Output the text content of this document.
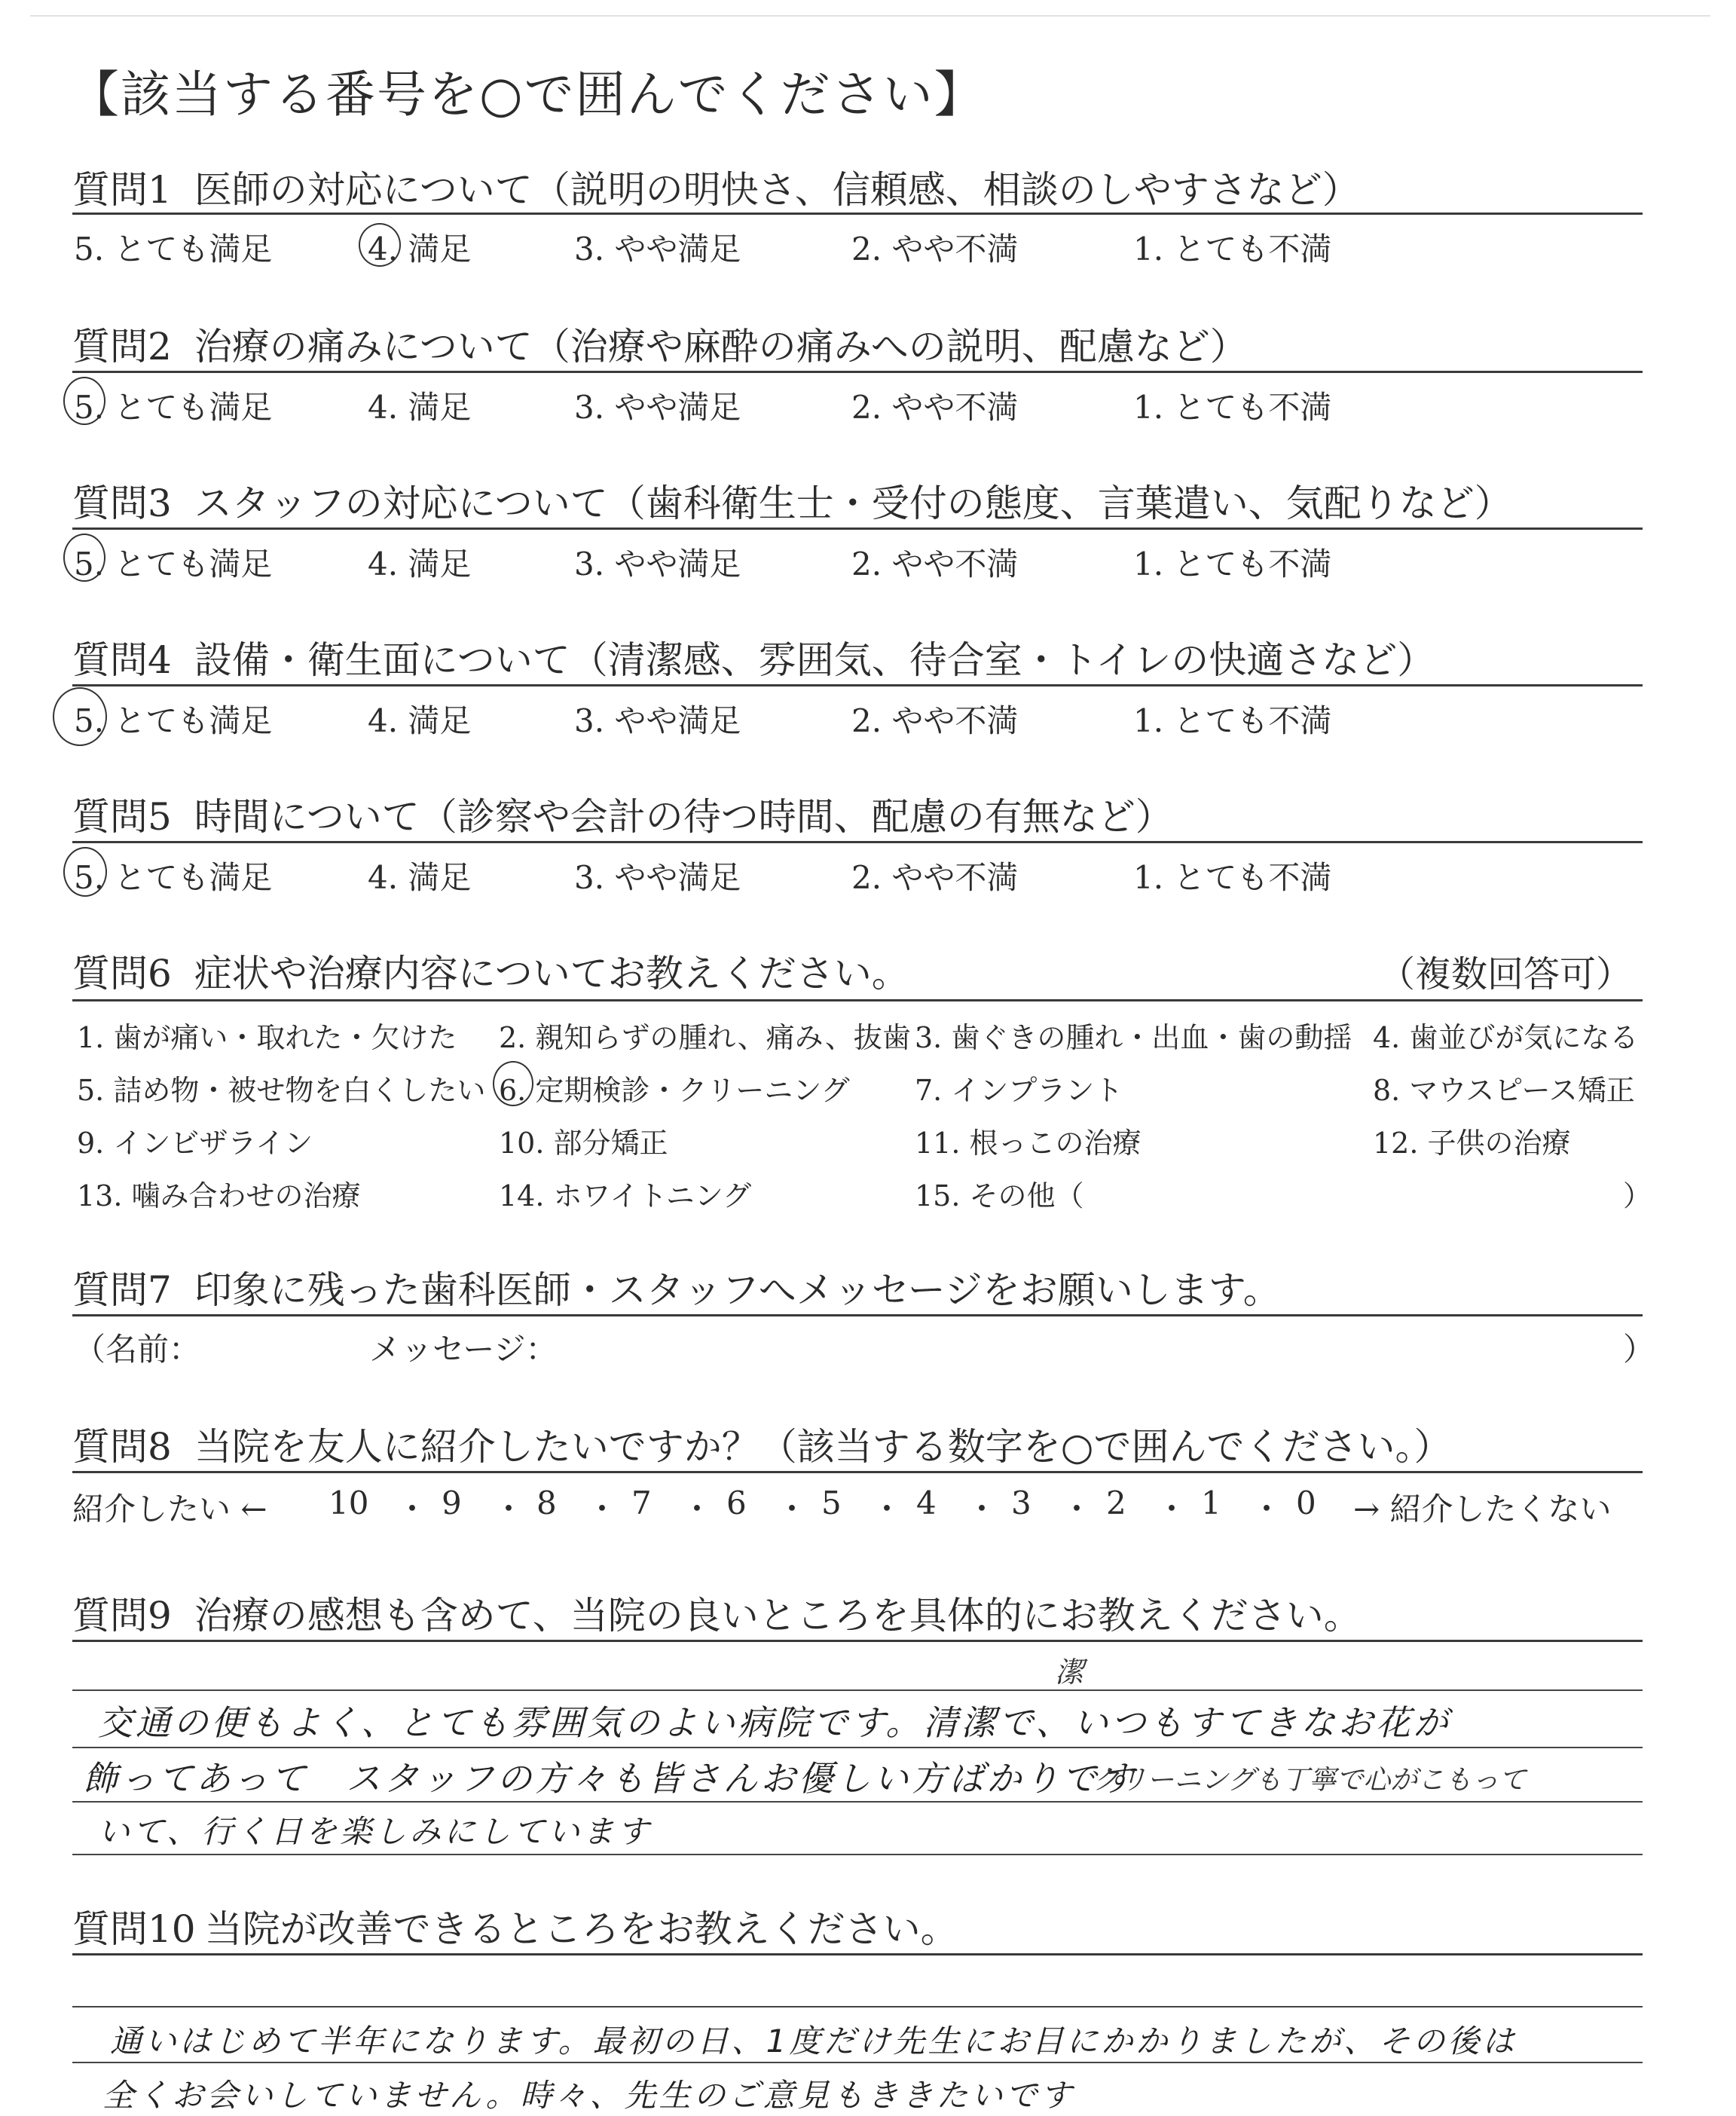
【該当する番号を○で囲んでください】
質問1 医師の対応について（説明の明快さ、信頼感、相談のしやすさなど）
5. とても満足	4. 満足	3. やや満足	2. やや不満	1. とても不満
質問2 治療の痛みについて（治療や麻酔の痛みへの説明、配慮など）
5. とても満足	4. 満足	3. やや満足	2. やや不満	1. とても不満
質問3 スタッフの対応について（歯科衛生士・受付の態度、言葉遣い、気配りなど）
5. とても満足	4. 満足	3. やや満足	2. やや不満	1. とても不満
質問4 設備・衛生面について（清潔感、雰囲気、待合室・トイレの快適さなど）
5. とても満足	4. 満足	3. やや満足	2. やや不満	1. とても不満
質問5 時間について（診察や会計の待つ時間、配慮の有無など）
5. とても満足	4. 満足	3. やや満足	2. やや不満	1. とても不満
質問6 症状や治療内容についてお教えください。	（複数回答可）
1. 歯が痛い・取れた・欠けた 2. 親知らずの腫れ、痛み、抜歯 3. 歯ぐきの腫れ・出血・歯の動揺 4. 歯並びが気になる
5. 詰め物・被せ物を白くしたい 6. 定期検診・クリーニング 7. インプラント	8. マウスピース矯正
9. インビザライン	10. 部分矯正	11. 根っこの治療	12. 子供の治療
13. 噛み合わせの治療	14. ホワイトニング	15. その他（	）
質問7 印象に残った歯科医師・スタッフへメッセージをお願いします。
（名前：	メッセージ：	）
質問8 当院を友人に紹介したいですか？（該当する数字を○で囲んでください。）
紹介したい ← 10 ・ 9 ・ 8 ・ 7 ・ 6 ・ 5 ・ 4 ・ 3 ・ 2 ・ 1 ・ 0 → 紹介したくない
質問9 治療の感想も含めて、当院の良いところを具体的にお教えください。
潔
交通の便もよく、とても雰囲気のよい病院です。清潔で、いつもすてきなお花が
飾ってあって　スタッフの方々も皆さんお優しい方ばかりです
クリーニングも丁寧で心がこもって
いて、行く日を楽しみにしています
質問10 当院が改善できるところをお教えください。
通いはじめて半年になります。最初の日、1度だけ先生にお目にかかりましたが、その後は
全くお会いしていません。時々、先生のご意見もききたいです
